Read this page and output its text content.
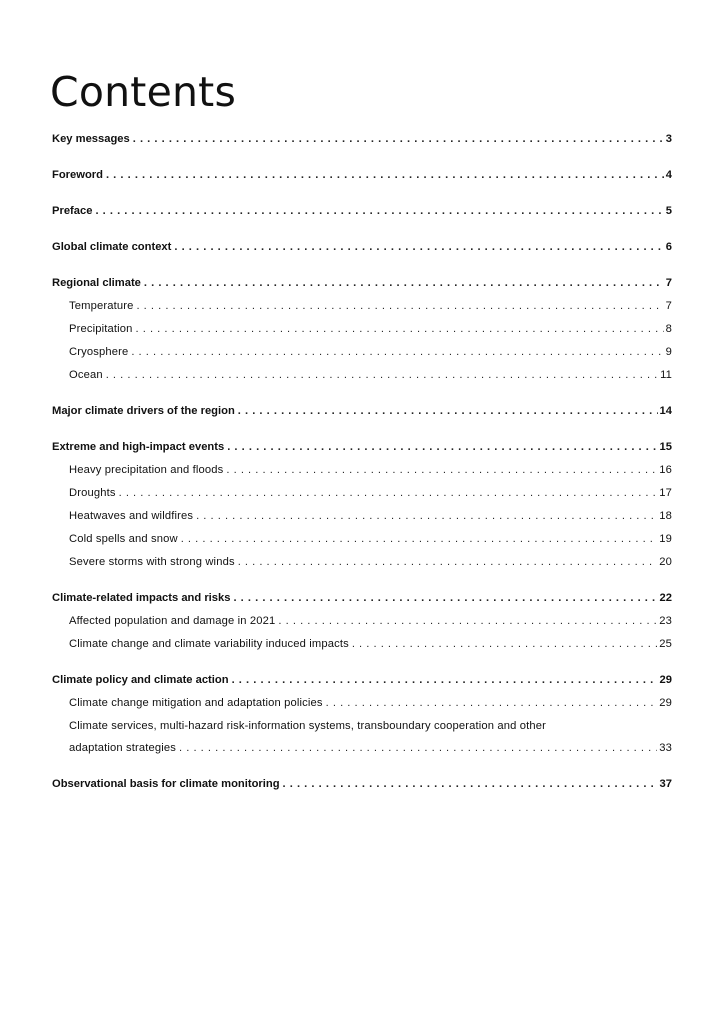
Contents
Key messages . . .	3
Foreword . . .	4
Preface . . .	5
Global climate context . . .	6
Regional climate . . .	7
Temperature . . .	7
Precipitation . . .	8
Cryosphere . . .	9
Ocean . . .	11
Major climate drivers of the region . . .	14
Extreme and high-impact events . . .	15
Heavy precipitation and floods . . .	16
Droughts . . .	17
Heatwaves and wildfires . . .	18
Cold spells and snow . . .	19
Severe storms with strong winds . . .	20
Climate-related impacts and risks . . .	22
Affected population and damage in 2021 . . .	23
Climate change and climate variability induced impacts . . .	25
Climate policy and climate action . . .	29
Climate change mitigation and adaptation policies . . .	29
Climate services, multi-hazard risk-information systems, transboundary cooperation and other
adaptation strategies . . .	33
Observational basis for climate monitoring . . .	37
